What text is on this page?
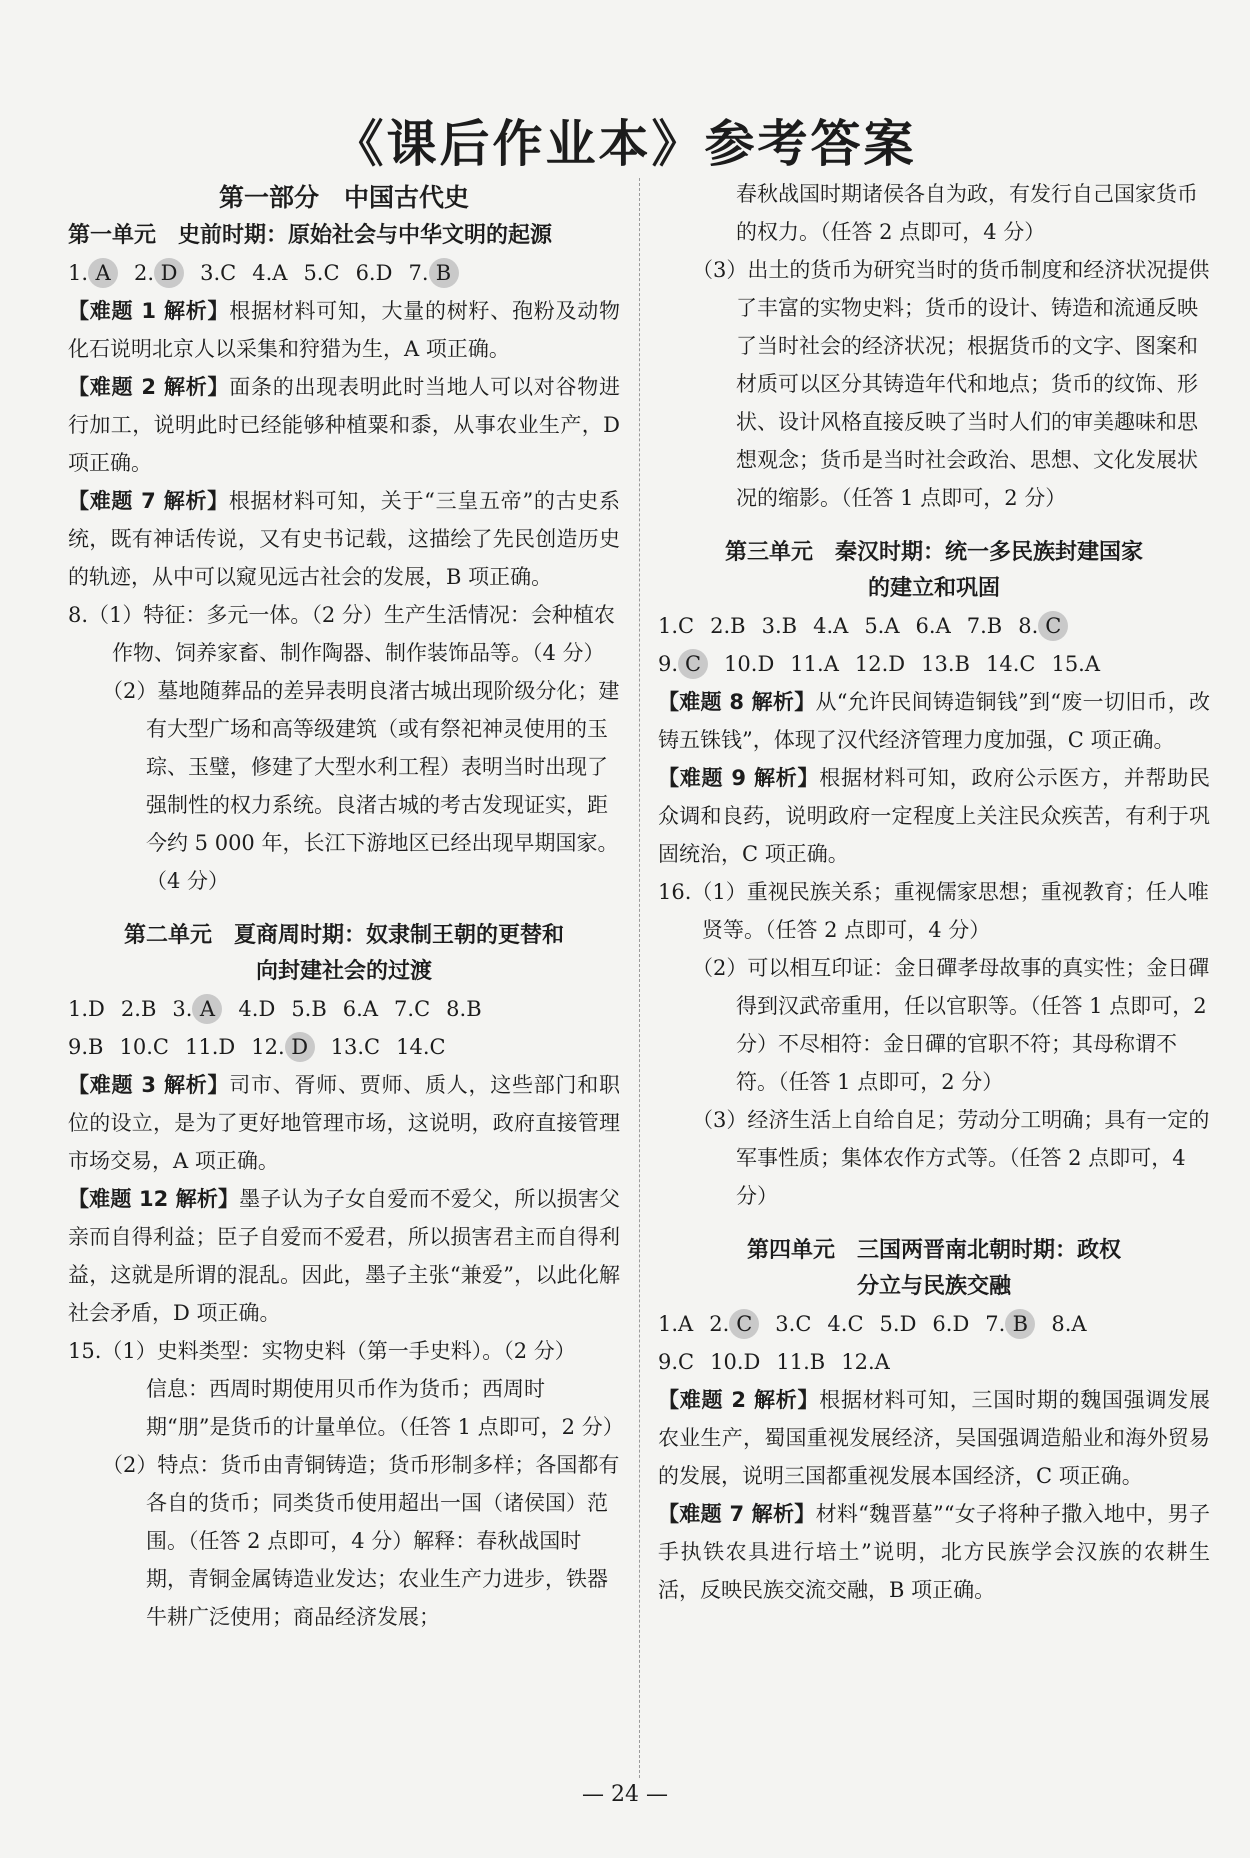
《课后作业本》参考答案
第一部分　中国古代史
第一单元　史前时期：原始社会与中华文明的起源
1. A 2. D 3.C 4.A 5.C 6.D 7. B
【难题 1 解析】根据材料可知，大量的树籽、孢粉及动物化石说明北京人以采集和狩猎为生，A 项正确。
【难题 2 解析】面条的出现表明此时当地人可以对谷物进行加工，说明此时已经能够种植粟和黍，从事农业生产，D 项正确。
【难题 7 解析】根据材料可知，关于“三皇五帝”的古史系统，既有神话传说，又有史书记载，这描绘了先民创造历史的轨迹，从中可以窥见远古社会的发展，B 项正确。
8.（1）特征：多元一体。（2 分）生产生活情况：会种植农作物、饲养家畜、制作陶器、制作装饰品等。（4 分）
（2）墓地随葬品的差异表明良渚古城出现阶级分化；建有大型广场和高等级建筑（或有祭祀神灵使用的玉琮、玉璧，修建了大型水利工程）表明当时出现了强制性的权力系统。良渚古城的考古发现证实，距今约 5 000 年，长江下游地区已经出现早期国家。（4 分）
第二单元　夏商周时期：奴隶制王朝的更替和
向封建社会的过渡
1.D 2.B 3. A 4.D 5.B 6.A 7.C 8.B
9.B 10.C 11.D 12. D 13.C 14.C
【难题 3 解析】司市、胥师、贾师、质人，这些部门和职位的设立，是为了更好地管理市场，这说明，政府直接管理市场交易，A 项正确。
【难题 12 解析】墨子认为子女自爱而不爱父，所以损害父亲而自得利益；臣子自爱而不爱君，所以损害君主而自得利益，这就是所谓的混乱。因此，墨子主张“兼爱”，以此化解社会矛盾，D 项正确。
15.（1）史料类型：实物史料（第一手史料）。（2 分）
信息：西周时期使用贝币作为货币；西周时期“朋”是货币的计量单位。（任答 1 点即可，2 分）
（2）特点：货币由青铜铸造；货币形制多样；各国都有各自的货币；同类货币使用超出一国（诸侯国）范围。（任答 2 点即可，4 分）解释：春秋战国时期，青铜金属铸造业发达；农业生产力进步，铁器牛耕广泛使用；商品经济发展；
春秋战国时期诸侯各自为政，有发行自己国家货币的权力。（任答 2 点即可，4 分）
（3）出土的货币为研究当时的货币制度和经济状况提供了丰富的实物史料；货币的设计、铸造和流通反映了当时社会的经济状况；根据货币的文字、图案和材质可以区分其铸造年代和地点；货币的纹饰、形状、设计风格直接反映了当时人们的审美趣味和思想观念；货币是当时社会政治、思想、文化发展状况的缩影。（任答 1 点即可，2 分）
第三单元　秦汉时期：统一多民族封建国家
的建立和巩固
1.C 2.B 3.B 4.A 5.A 6.A 7.B 8. C
9. C 10.D 11.A 12.D 13.B 14.C 15.A
【难题 8 解析】从“允许民间铸造铜钱”到“废一切旧币，改铸五铢钱”，体现了汉代经济管理力度加强，C 项正确。
【难题 9 解析】根据材料可知，政府公示医方，并帮助民众调和良药，说明政府一定程度上关注民众疾苦，有利于巩固统治，C 项正确。
16.（1）重视民族关系；重视儒家思想；重视教育；任人唯贤等。（任答 2 点即可，4 分）
（2）可以相互印证：金日磾孝母故事的真实性；金日磾得到汉武帝重用，任以官职等。（任答 1 点即可，2 分）不尽相符：金日磾的官职不符；其母称谓不符。（任答 1 点即可，2 分）
（3）经济生活上自给自足；劳动分工明确；具有一定的军事性质；集体农作方式等。（任答 2 点即可，4 分）
第四单元　三国两晋南北朝时期：政权
分立与民族交融
1.A 2. C 3.C 4.C 5.D 6.D 7. B 8.A
9.C 10.D 11.B 12.A
【难题 2 解析】根据材料可知，三国时期的魏国强调发展农业生产，蜀国重视发展经济，吴国强调造船业和海外贸易的发展，说明三国都重视发展本国经济，C 项正确。
【难题 7 解析】材料“魏晋墓”“女子将种子撒入地中，男子手执铁农具进行培土”说明，北方民族学会汉族的农耕生活，反映民族交流交融，B 项正确。
— 24 —
